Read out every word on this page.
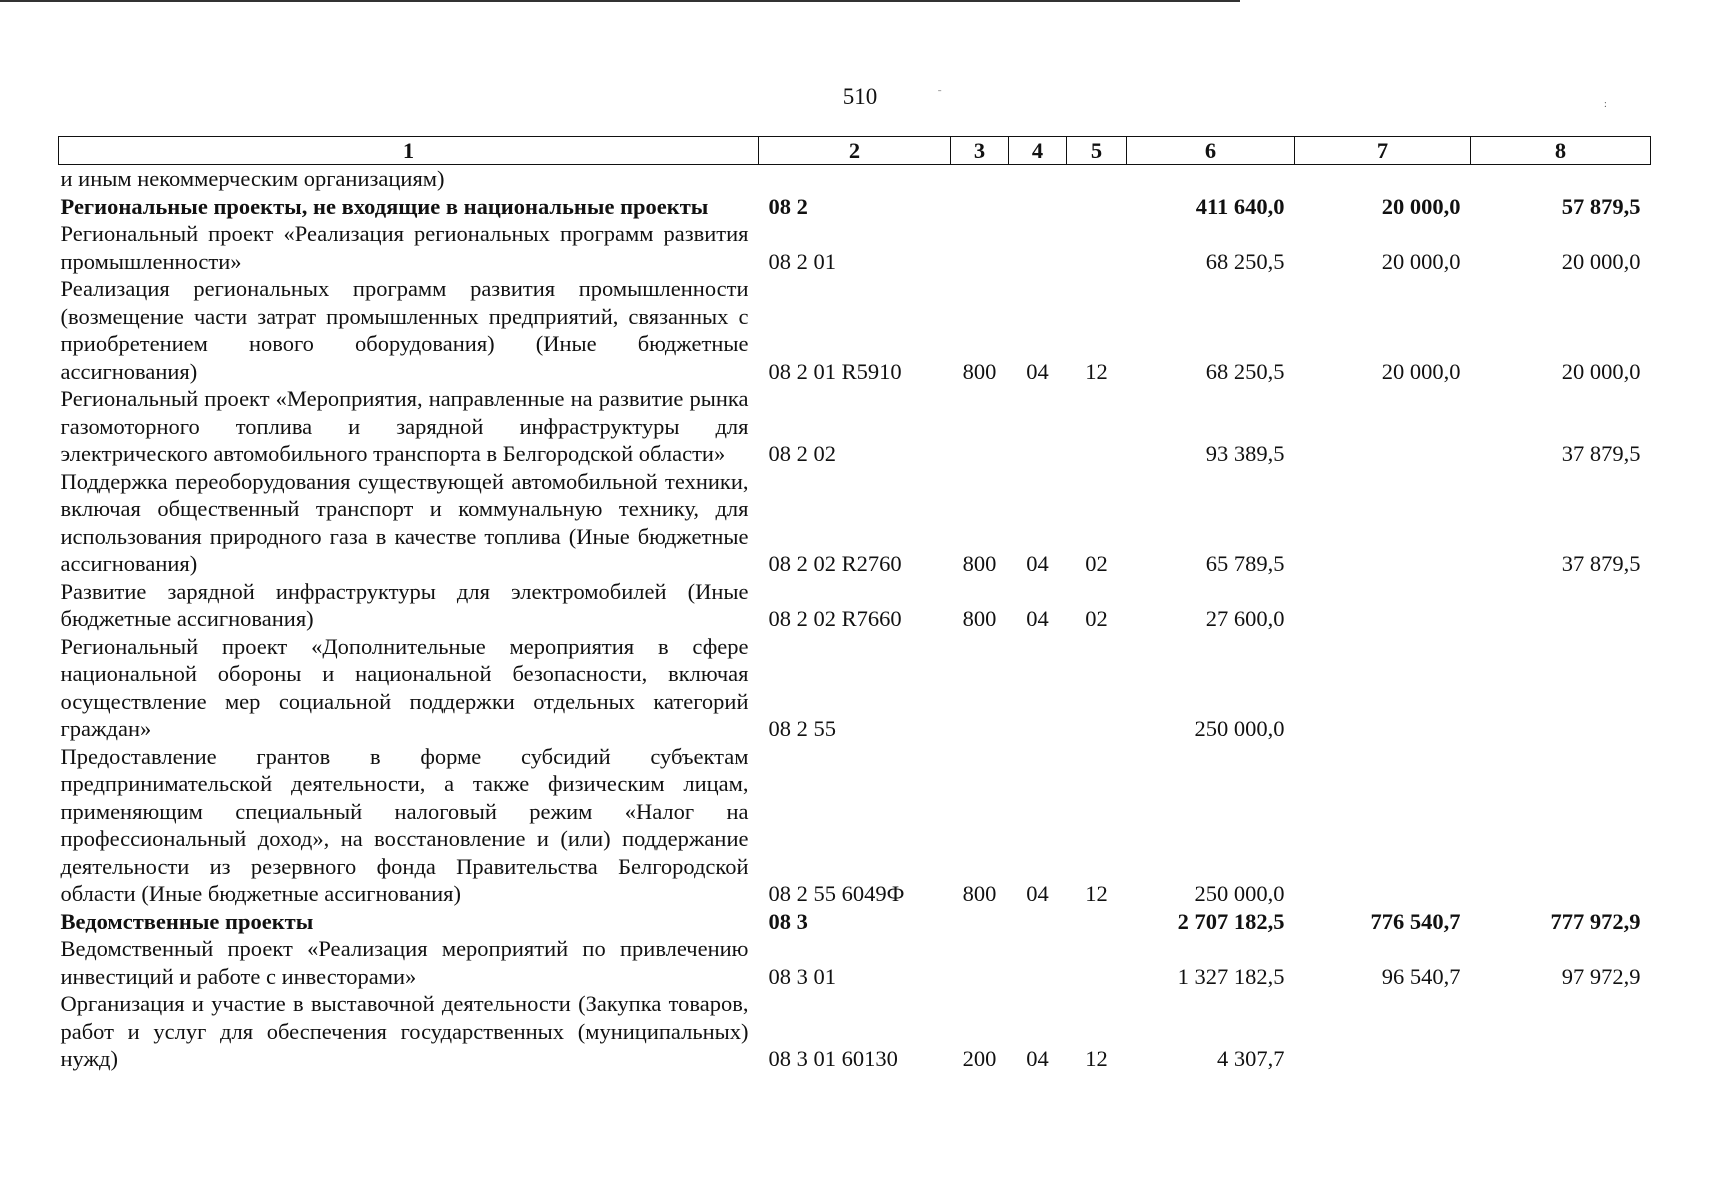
510	ˉ
:
1	2	3	4	5	6	7	8
и иным некоммерческим организациям)							
Региональные проекты, не входящие в национальные проекты	08 2				411 640,0	20 000,0	57 879,5
Региональный проект «Реализация региональных программ развития промышленности»	08 2 01				68 250,5	20 000,0	20 000,0
Реализация региональных программ развития промышленности (возмещение части затрат промышленных предприятий, связанных с приобретением нового оборудования) (Иные бюджетные ассигнования)	08 2 01 R5910	800	04	12	68 250,5	20 000,0	20 000,0
Региональный проект «Мероприятия, направленные на развитие рынка газомоторного топлива и зарядной инфраструктуры для электрического автомобильного транспорта в Белгородской области»	08 2 02				93 389,5		37 879,5
Поддержка переоборудования существующей автомобильной техники, включая общественный транспорт и коммунальную технику, для использования природного газа в качестве топлива (Иные бюджетные ассигнования)	08 2 02 R2760	800	04	02	65 789,5		37 879,5
Развитие зарядной инфраструктуры для электромобилей (Иные бюджетные ассигнования)	08 2 02 R7660	800	04	02	27 600,0		
Региональный проект «Дополнительные мероприятия в сфере национальной обороны и национальной безопасности, включая осуществление мер социальной поддержки отдельных категорий граждан»	08 2 55				250 000,0		
Предоставление грантов в форме субсидий субъектам предпринимательской деятельности, а также физическим лицам, применяющим специальный налоговый режим «Налог на профессиональный доход», на восстановление и (или) поддержание деятельности из резервного фонда Правительства Белгородской области (Иные бюджетные ассигнования)	08 2 55 6049Ф	800	04	12	250 000,0		
Ведомственные проекты	08 3				2 707 182,5	776 540,7	777 972,9
Ведомственный проект «Реализация мероприятий по привлечению инвестиций и работе с инвесторами»	08 3 01				1 327 182,5	96 540,7	97 972,9
Организация и участие в выставочной деятельности (Закупка товаров, работ и услуг для обеспечения государственных (муниципальных) нужд)	08 3 01 60130	200	04	12	4 307,7		
